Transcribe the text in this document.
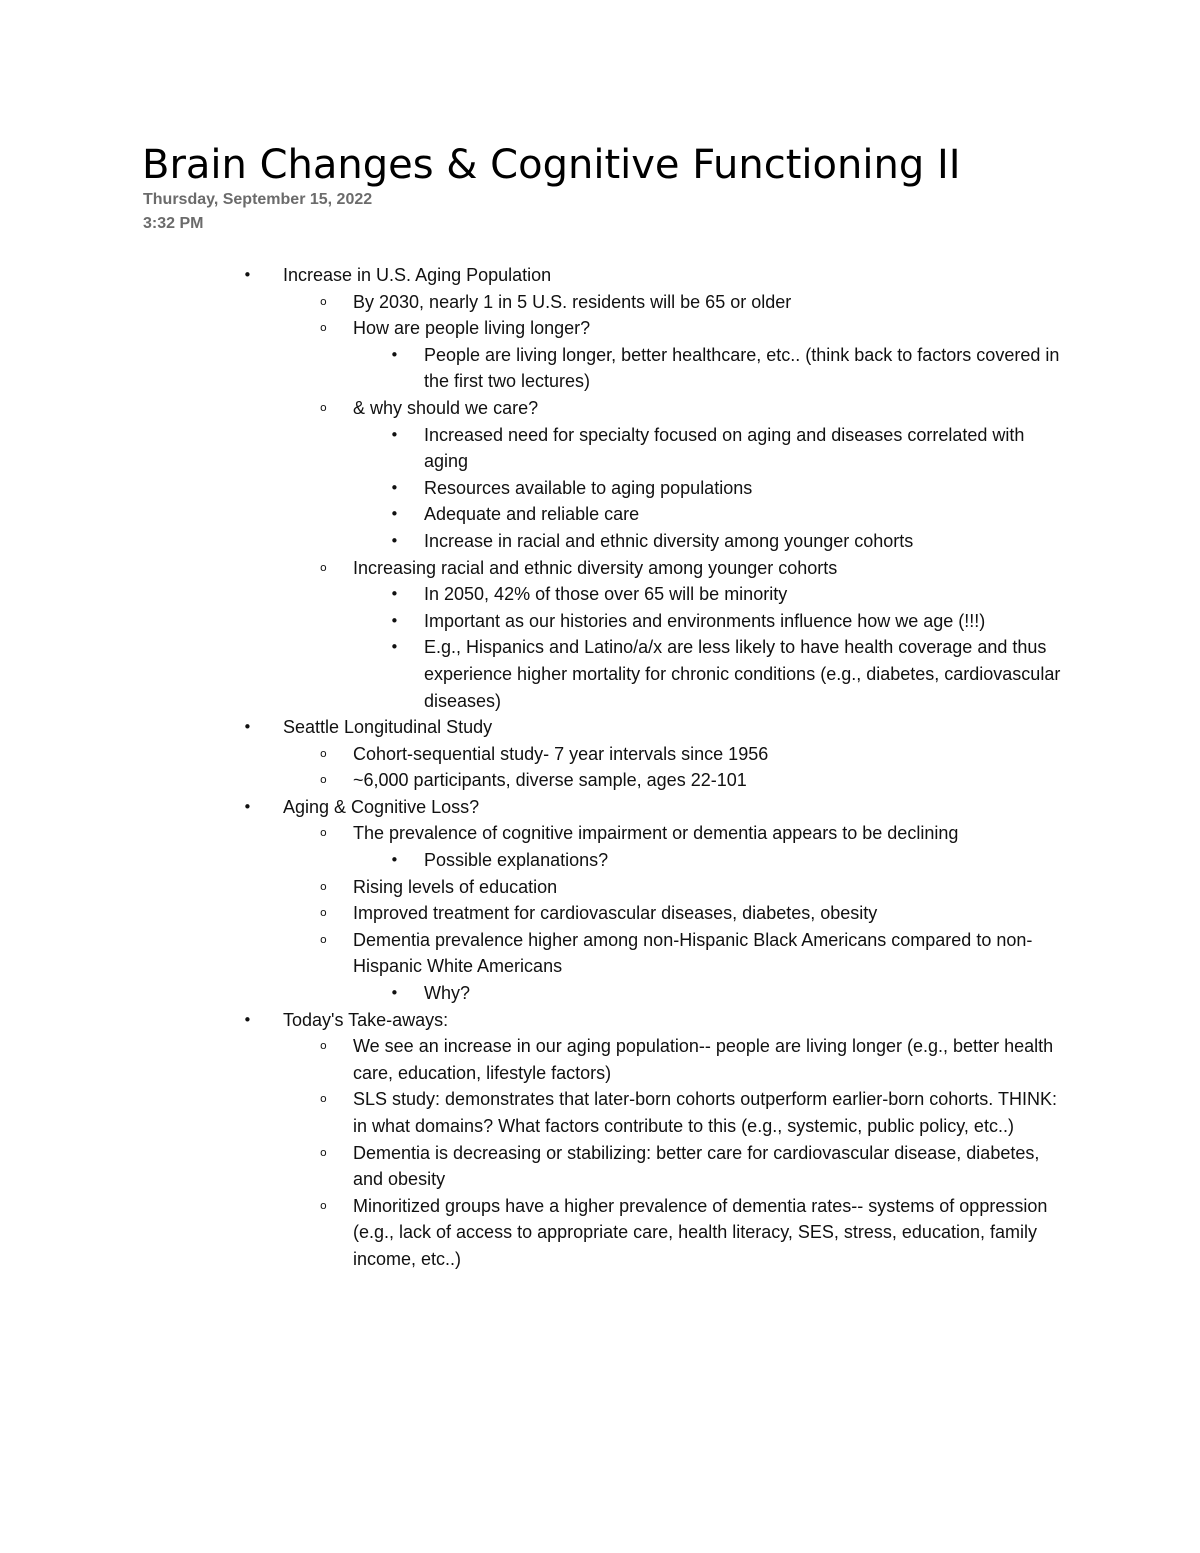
Brain Changes & Cognitive Functioning II
Thursday, September 15, 2022
3:32 PM
• Increase in U.S. Aging Population
o By 2030, nearly 1 in 5 U.S. residents will be 65 or older
o How are people living longer?
• People are living longer, better healthcare, etc.. (think back to factors covered in the first two lectures)
o & why should we care?
• Increased need for specialty focused on aging and diseases correlated with aging
• Resources available to aging populations
• Adequate and reliable care
• Increase in racial and ethnic diversity among younger cohorts
o Increasing racial and ethnic diversity among younger cohorts
• In 2050, 42% of those over 65 will be minority
• Important as our histories and environments influence how we age (!!!)
• E.g., Hispanics and Latino/a/x are less likely to have health coverage and thus experience higher mortality for chronic conditions (e.g., diabetes, cardiovascular diseases)
• Seattle Longitudinal Study
o Cohort-sequential study- 7 year intervals since 1956
o ~6,000 participants, diverse sample, ages 22-101
• Aging & Cognitive Loss?
o The prevalence of cognitive impairment or dementia appears to be declining
• Possible explanations?
o Rising levels of education
o Improved treatment for cardiovascular diseases, diabetes, obesity
o Dementia prevalence higher among non-Hispanic Black Americans compared to non-Hispanic White Americans
• Why?
• Today's Take-aways:
o We see an increase in our aging population-- people are living longer (e.g., better health care, education, lifestyle factors)
o SLS study: demonstrates that later-born cohorts outperform earlier-born cohorts. THINK: in what domains? What factors contribute to this (e.g., systemic, public policy, etc..)
o Dementia is decreasing or stabilizing: better care for cardiovascular disease, diabetes, and obesity
o Minoritized groups have a higher prevalence of dementia rates-- systems of oppression (e.g., lack of access to appropriate care, health literacy, SES, stress, education, family income, etc..)
